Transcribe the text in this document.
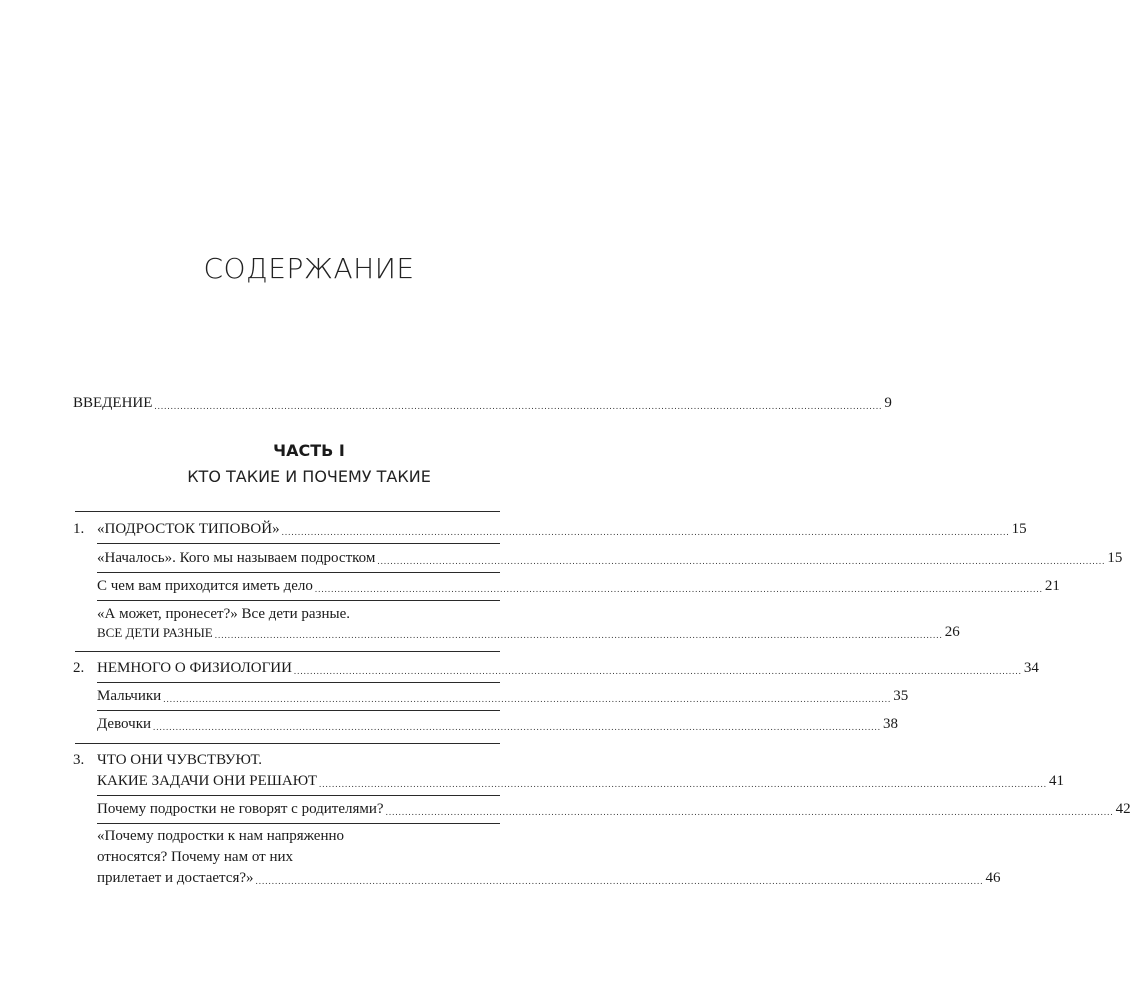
СОДЕРЖАНИЕ
ВВЕДЕНИЕ ................................................................................................................................................................................................................................ 9
ЧАСТЬ I
КТО ТАКИЕ И ПОЧЕМУ ТАКИЕ
1. «ПОДРОСТОК ТИПОВОЙ» ................................................................................................................................................................................................................................ 15
«Началось». Кого мы называем подростком ................................................................................................................................................................................................................................ 15
С чем вам приходится иметь дело ................................................................................................................................................................................................................................ 21
«А может, пронесет?» Все дети разные.
ВСЕ ДЕТИ РАЗНЫЕ ................................................................................................................................................................................................................................ 26
2. НЕМНОГО О ФИЗИОЛОГИИ ................................................................................................................................................................................................................................ 34
Мальчики ................................................................................................................................................................................................................................ 35
Девочки ................................................................................................................................................................................................................................ 38
3. ЧТО ОНИ ЧУВСТВУЮТ.
КАКИЕ ЗАДАЧИ ОНИ РЕШАЮТ ................................................................................................................................................................................................................................ 41
Почему подростки не говорят с родителями? ................................................................................................................................................................................................................................ 42
«Почему подростки к нам напряженно
относятся? Почему нам от них
прилетает и достается?» ................................................................................................................................................................................................................................ 46
